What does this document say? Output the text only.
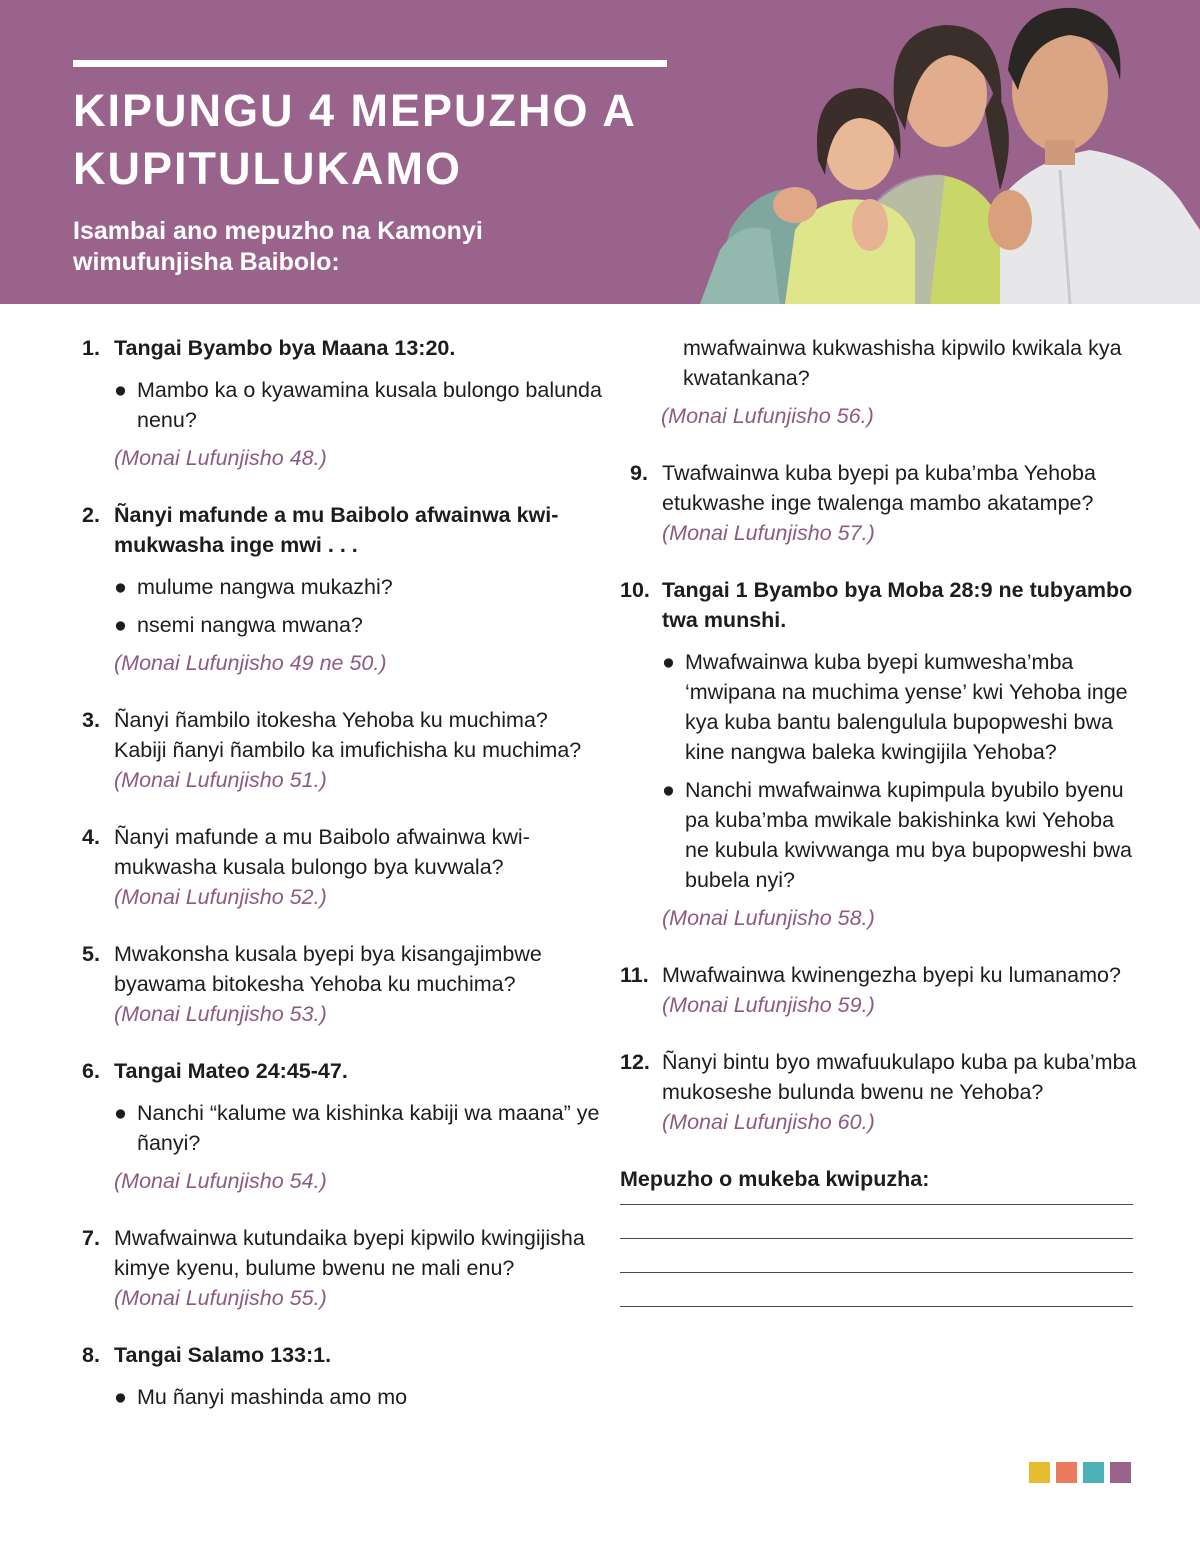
KIPUNGU 4 MEPUZHO A
KUPITULUKAMO

Isambai ano mepuzho na Kamonyi
wimufunjisha Baibolo:

1. Tangai Byambo bya Maana 13:20.
● Mambo ka o kyawamina kusala bulongo balunda nenu?
(Monai Lufunjisho 48.)
2. Ñanyi mafunde a mu Baibolo afwainwa kwimukwasha inge mwi . . .
● mulume nangwa mukazhi?
● nsemi nangwa mwana?
(Monai Lufunjisho 49 ne 50.)
3. Ñanyi ñambilo itokesha Yehoba ku muchima? Kabiji ñanyi ñambilo ka imufichisha ku muchima?
(Monai Lufunjisho 51.)
4. Ñanyi mafunde a mu Baibolo afwainwa kwimukwasha kusala bulongo bya kuvwala?
(Monai Lufunjisho 52.)
5. Mwakonsha kusala byepi bya kisangajimbwe byawama bitokesha Yehoba ku muchima?
(Monai Lufunjisho 53.)
6. Tangai Mateo 24:45-47.
● Nanchi “kalume wa kishinka kabiji wa maana” ye ñanyi?
(Monai Lufunjisho 54.)
7. Mwafwainwa kutundaika byepi kipwilo kwingijisha kimye kyenu, bulume bwenu ne mali enu?
(Monai Lufunjisho 55.)
8. Tangai Salamo 133:1.
● Mu ñanyi mashinda amo mo
mwafwainwa kukwashisha kipwilo kwikala kya kwatankana?
(Monai Lufunjisho 56.)
9. Twafwainwa kuba byepi pa kuba’mba Yehoba etukwashe inge twalenga mambo akatampe?
(Monai Lufunjisho 57.)
10. Tangai 1 Byambo bya Moba 28:9 ne tubyambo twa munshi.
● Mwafwainwa kuba byepi kumwesha’mba ‘mwipana na muchima yense’ kwi Yehoba inge kya kuba bantu balengulula bupopweshi bwa kine nangwa baleka kwingijila Yehoba?
● Nanchi mwafwainwa kupimpula byubilo byenu pa kuba’mba mwikale bakishinka kwi Yehoba ne kubula kwivwanga mu bya bupopweshi bwa bubela nyi?
(Monai Lufunjisho 58.)
11. Mwafwainwa kwinengezha byepi ku lumanamo?
(Monai Lufunjisho 59.)
12. Ñanyi bintu byo mwafuukulapo kuba pa kuba’mba mukoseshe bulunda bwenu ne Yehoba?
(Monai Lufunjisho 60.)
Mepuzho o mukeba kwipuzha:
